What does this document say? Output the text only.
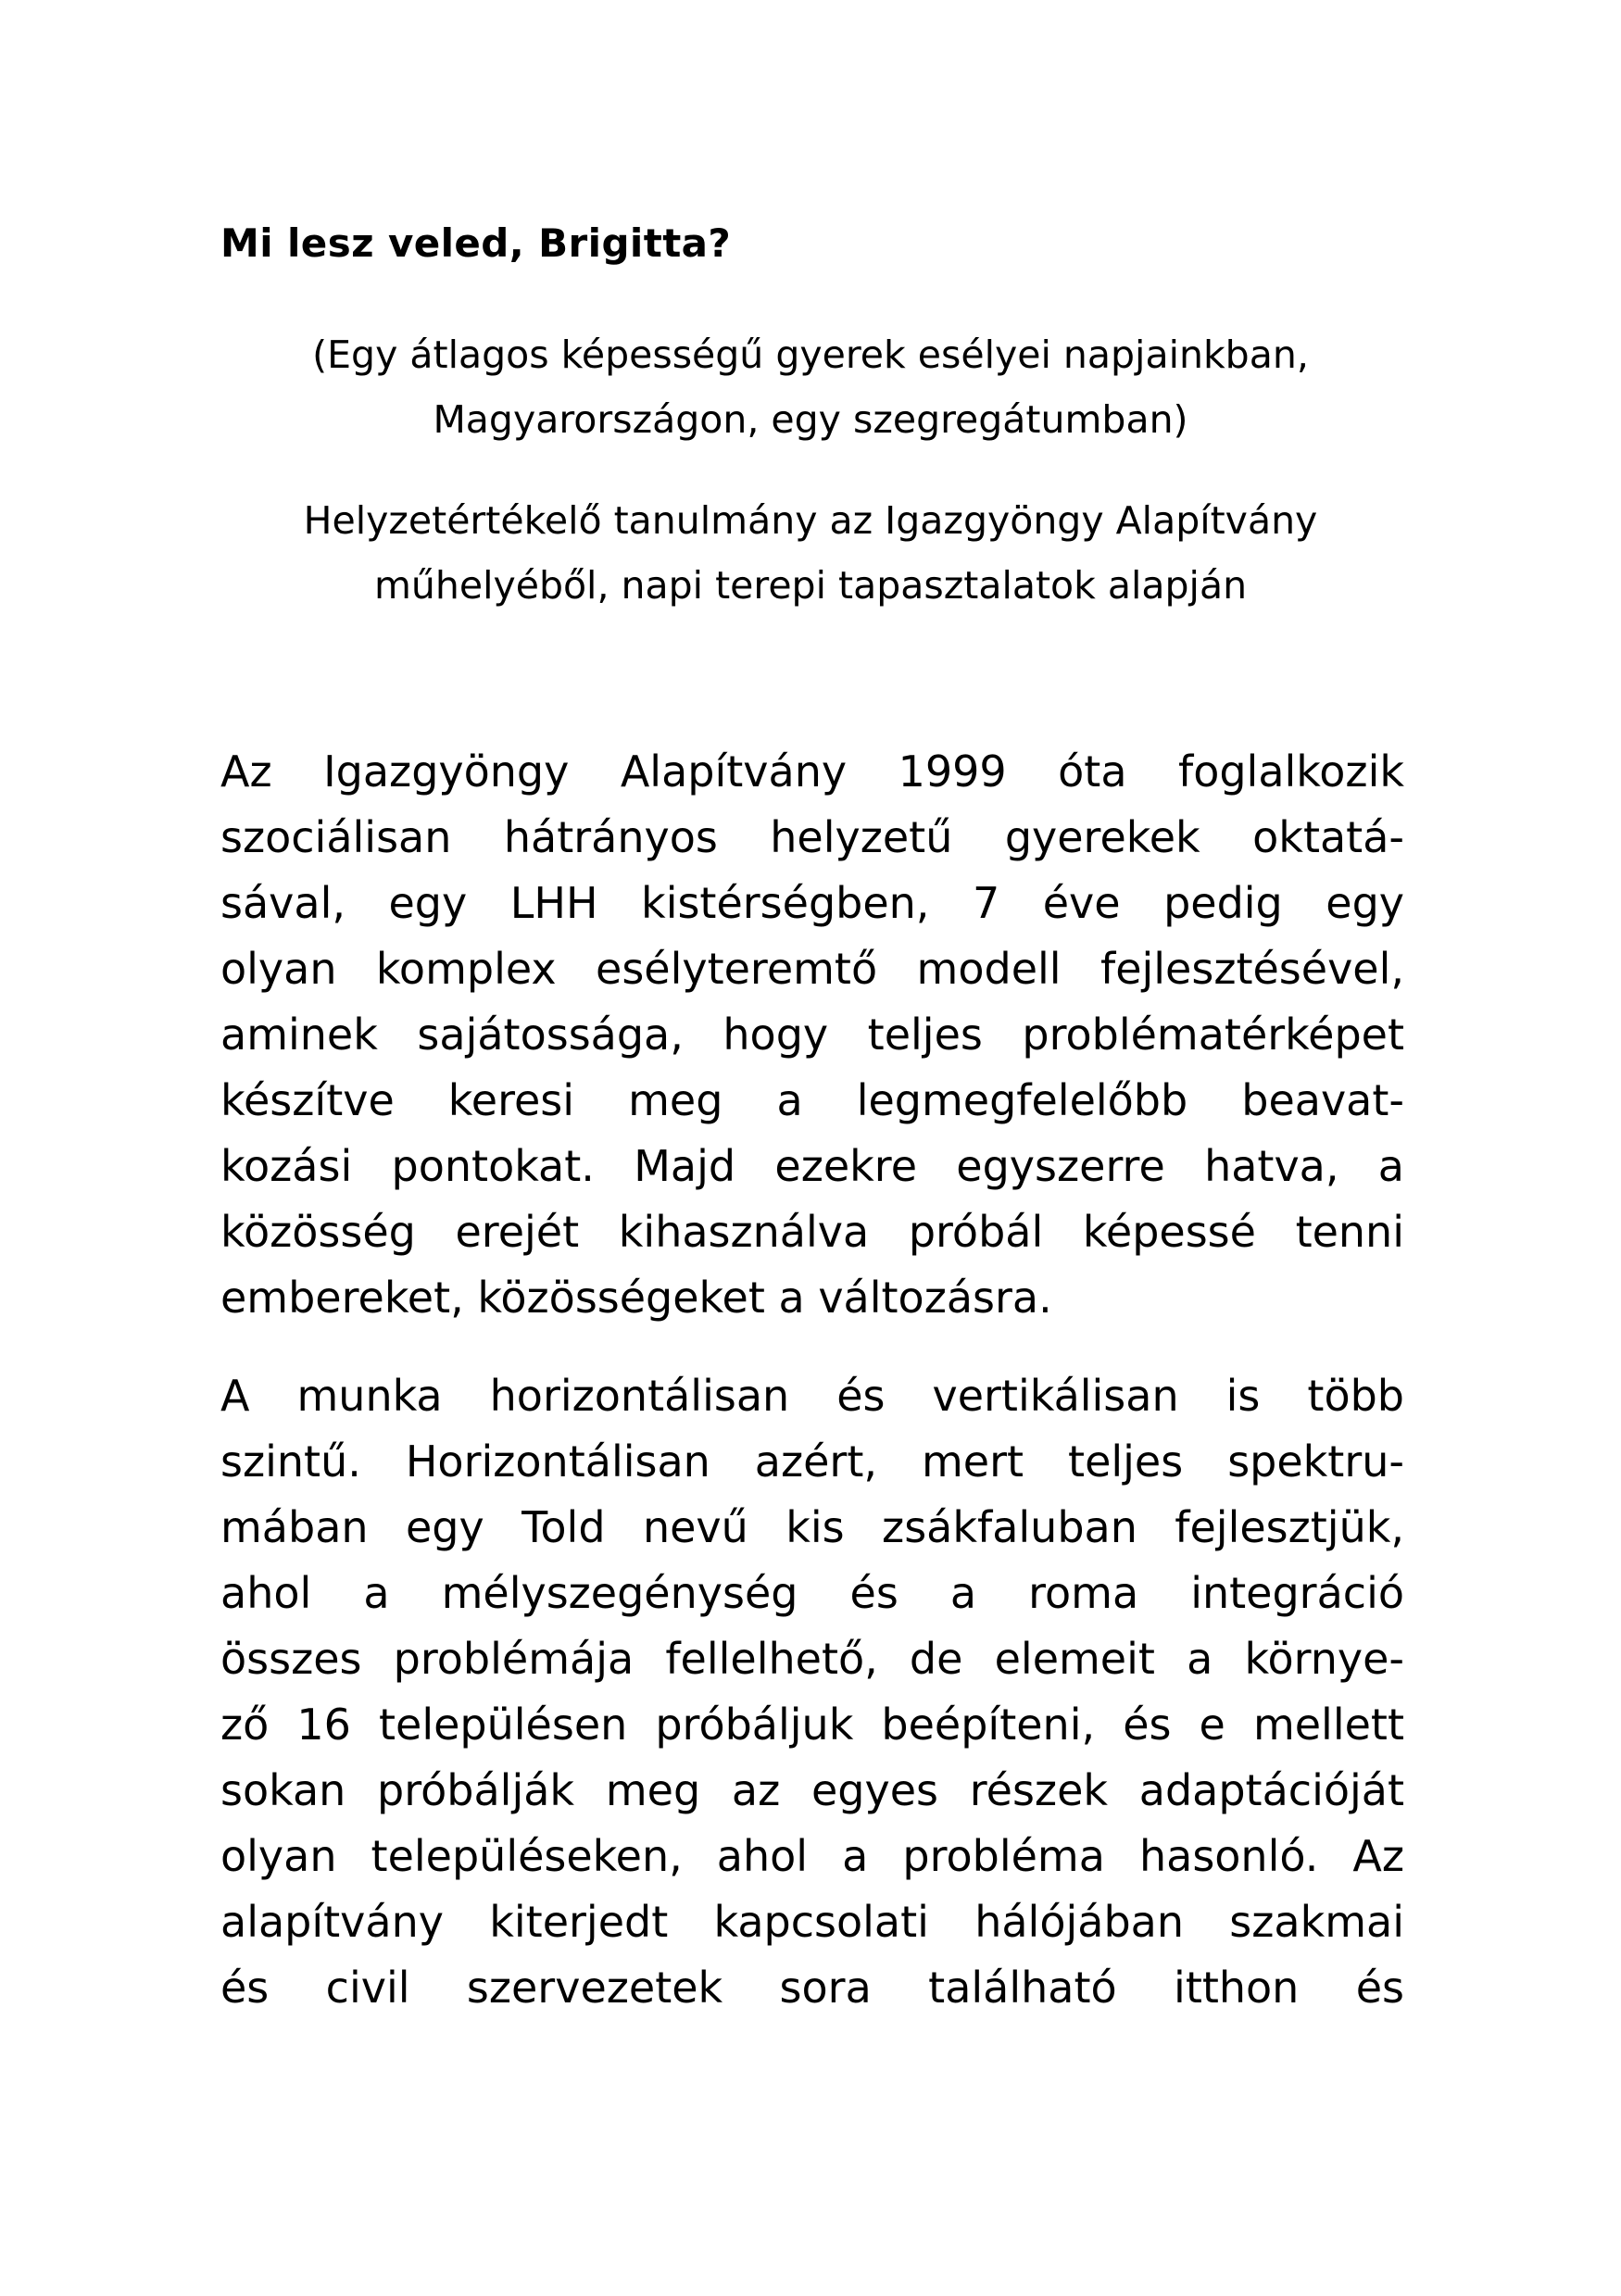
Mi lesz veled, Brigitta?
(Egy átlagos képességű gyerek esélyei napjainkban,
Magyarországon, egy szegregátumban)
Helyzetértékelő tanulmány az Igazgyöngy Alapítvány
műhelyéből, napi terepi tapasztalatok alapján
Az Igazgyöngy Alapítvány 1999 óta foglalkozik
szociálisan hátrányos helyzetű gyerekek oktatá-
sával, egy LHH kistérségben, 7 éve pedig egy
olyan komplex esélyteremtő modell fejlesztésével,
aminek sajátossága, hogy teljes problématérképet
készítve keresi meg a legmegfelelőbb beavat-
kozási pontokat. Majd ezekre egyszerre hatva, a
közösség erejét kihasználva próbál képessé tenni
embereket, közösségeket a változásra.
A munka horizontálisan és vertikálisan is több
szintű. Horizontálisan azért, mert teljes spektru-
mában egy Told nevű kis zsákfaluban fejlesztjük,
ahol a mélyszegénység és a roma integráció
összes problémája fellelhető, de elemeit a környe-
ző 16 településen próbáljuk beépíteni, és e mellett
sokan próbálják meg az egyes részek adaptációját
olyan településeken, ahol a probléma hasonló. Az
alapítvány kiterjedt kapcsolati hálójában szakmai
és civil szervezetek sora található itthon és
